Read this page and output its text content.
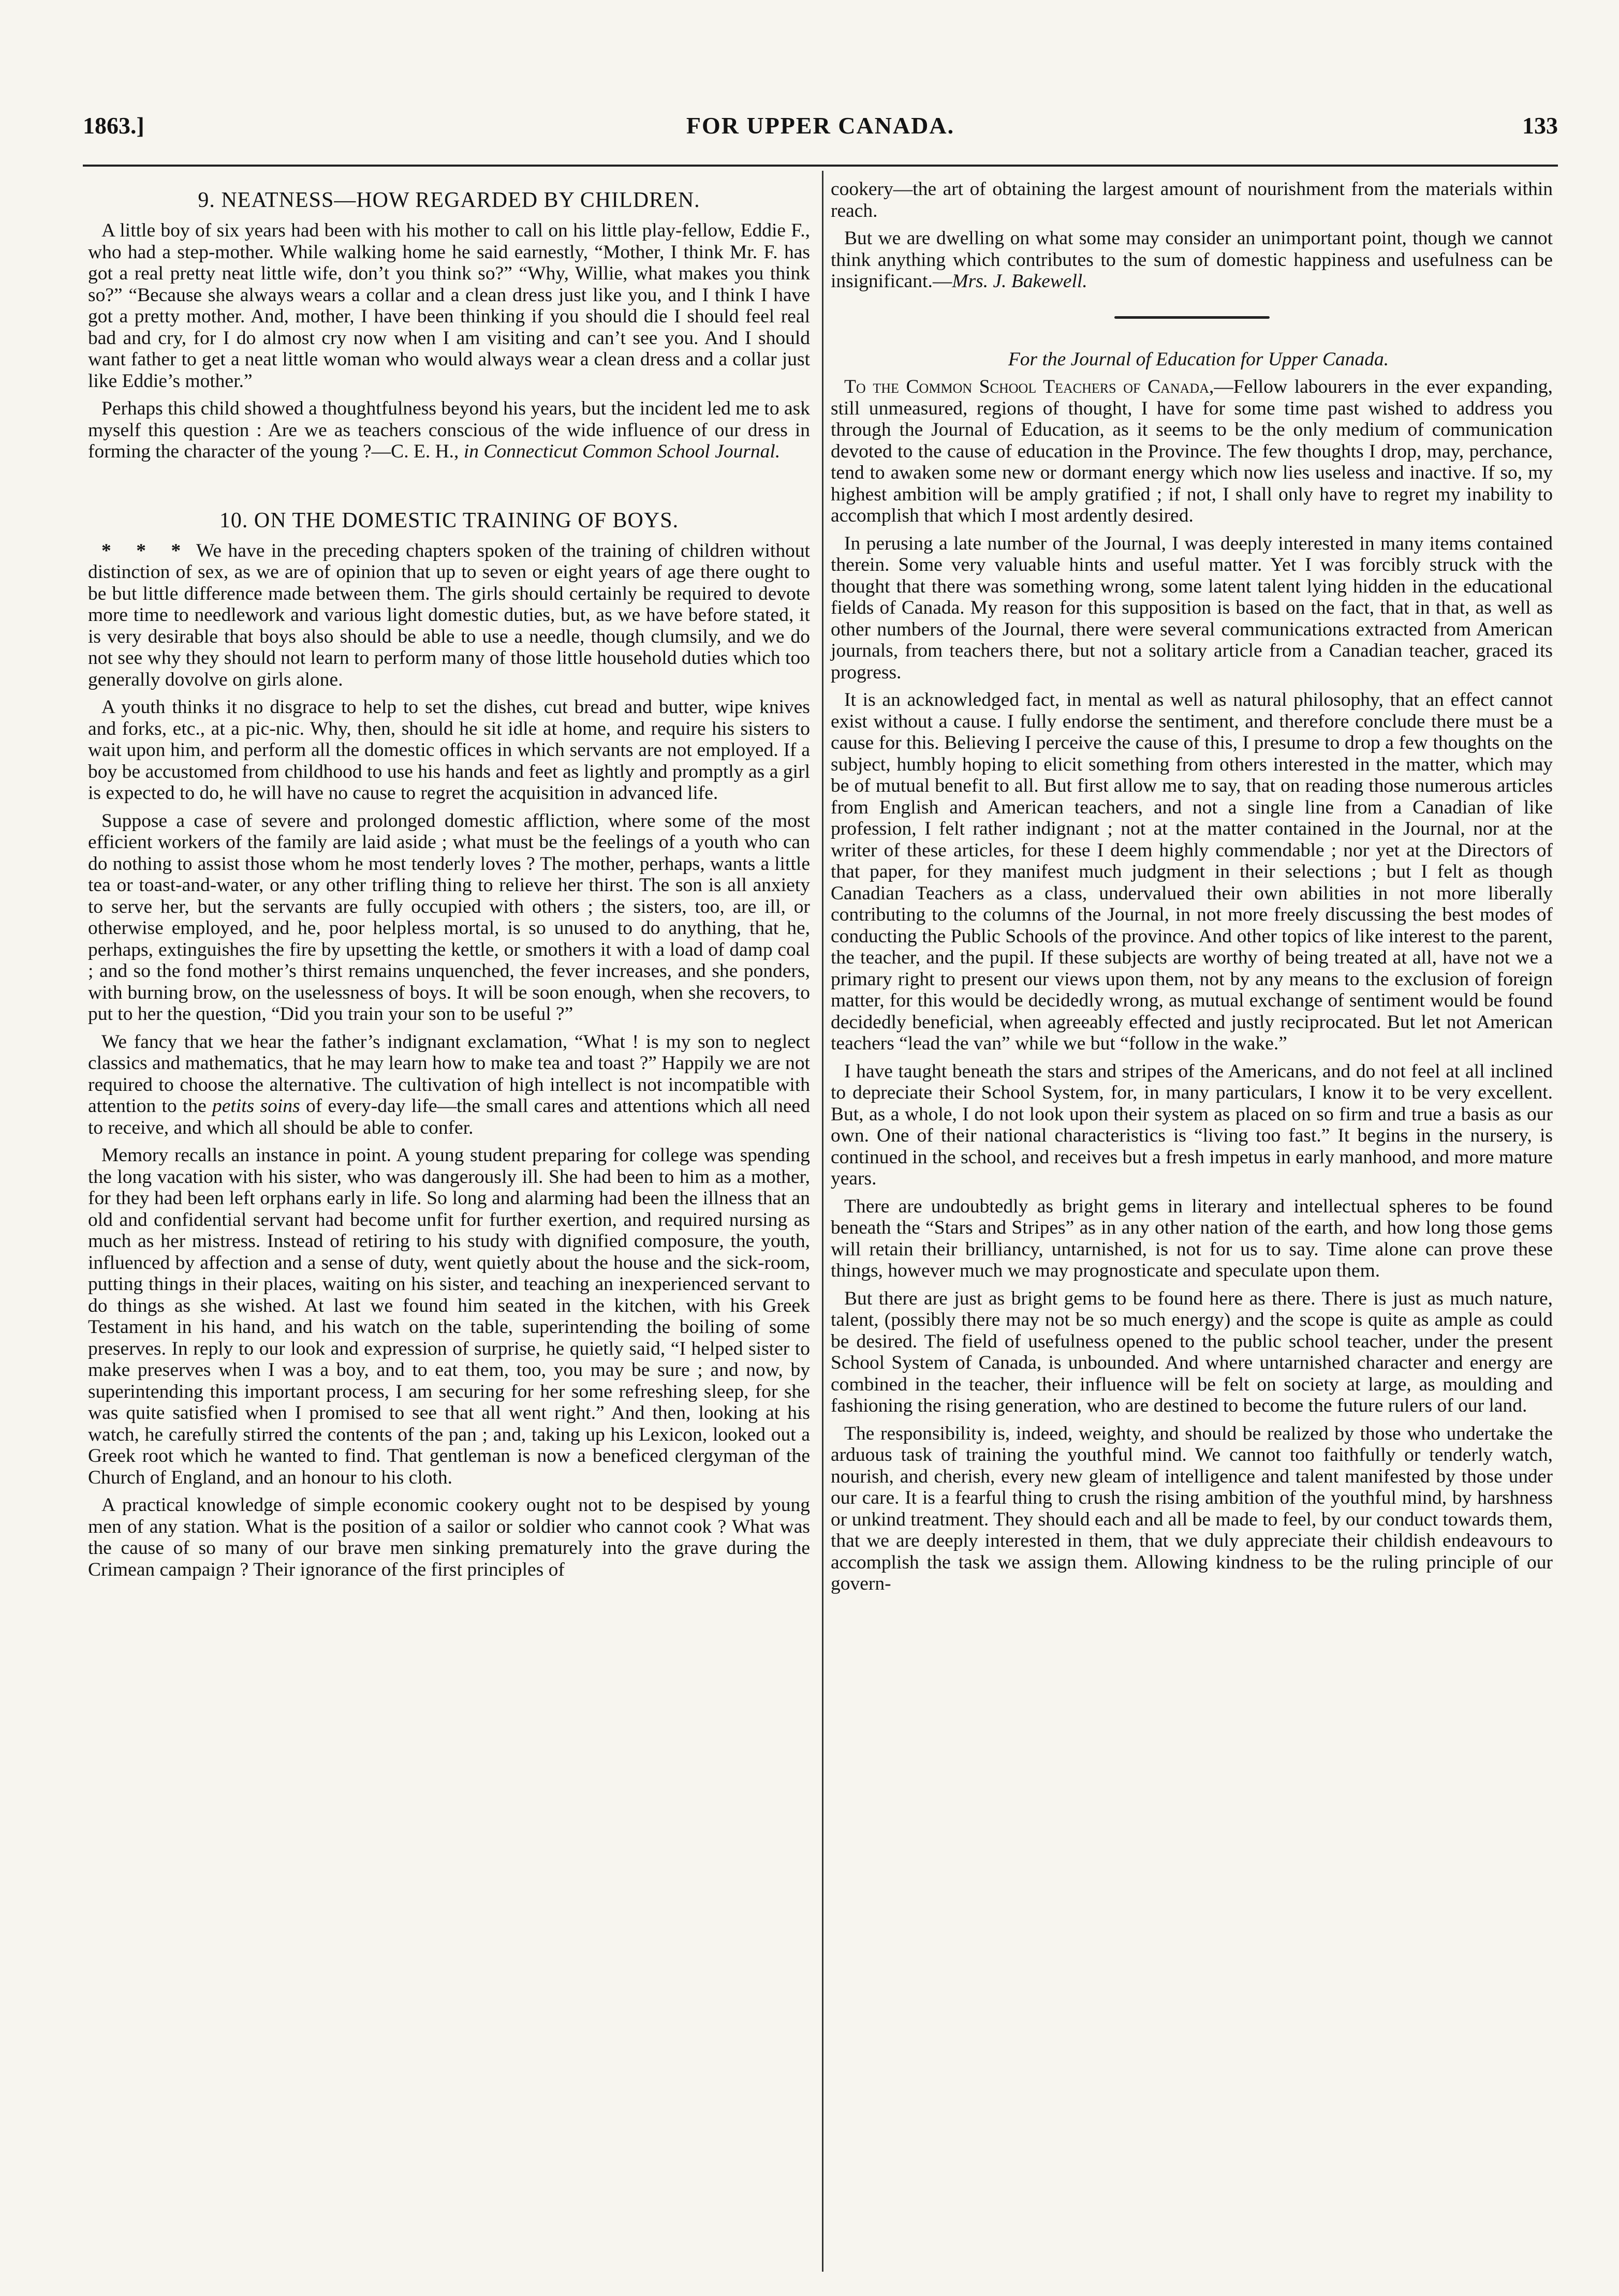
1863.]	FOR UPPER CANADA.	133
9. NEATNESS—HOW REGARDED BY CHILDREN.

A little boy of six years had been with his mother to call on his little play-fellow, Eddie F., who had a step-mother. While walking home he said earnestly, “Mother, I think Mr. F. has got a real pretty neat little wife, don’t you think so?” “Why, Willie, what makes you think so?” “Because she always wears a collar and a clean dress just like you, and I think I have got a pretty mother. And, mother, I have been thinking if you should die I should feel real bad and cry, for I do almost cry now when I am visiting and can’t see you. And I should want father to get a neat little woman who would always wear a clean dress and a collar just like Eddie’s mother.”

Perhaps this child showed a thoughtfulness beyond his years, but the incident led me to ask myself this question : Are we as teachers conscious of the wide influence of our dress in forming the character of the young ?—C. E. H., in Connecticut Common School Journal.

10. ON THE DOMESTIC TRAINING OF BOYS.

* * * We have in the preceding chapters spoken of the training of children without distinction of sex, as we are of opinion that up to seven or eight years of age there ought to be but little difference made between them. The girls should certainly be required to devote more time to needlework and various light domestic duties, but, as we have before stated, it is very desirable that boys also should be able to use a needle, though clumsily, and we do not see why they should not learn to perform many of those little household duties which too generally dovolve on girls alone.

A youth thinks it no disgrace to help to set the dishes, cut bread and butter, wipe knives and forks, etc., at a pic-nic. Why, then, should he sit idle at home, and require his sisters to wait upon him, and perform all the domestic offices in which servants are not employed. If a boy be accustomed from childhood to use his hands and feet as lightly and promptly as a girl is expected to do, he will have no cause to regret the acquisition in advanced life.

Suppose a case of severe and prolonged domestic affliction, where some of the most efficient workers of the family are laid aside ; what must be the feelings of a youth who can do nothing to assist those whom he most tenderly loves ? The mother, perhaps, wants a little tea or toast-and-water, or any other trifling thing to relieve her thirst. The son is all anxiety to serve her, but the servants are fully occupied with others ; the sisters, too, are ill, or otherwise employed, and he, poor helpless mortal, is so unused to do anything, that he, perhaps, extinguishes the fire by upsetting the kettle, or smothers it with a load of damp coal ; and so the fond mother’s thirst remains unquenched, the fever increases, and she ponders, with burning brow, on the uselessness of boys. It will be soon enough, when she recovers, to put to her the question, “Did you train your son to be useful ?”

We fancy that we hear the father’s indignant exclamation, “What ! is my son to neglect classics and mathematics, that he may learn how to make tea and toast ?” Happily we are not required to choose the alternative. The cultivation of high intellect is not incompatible with attention to the petits soins of every-day life—the small cares and attentions which all need to receive, and which all should be able to confer.

Memory recalls an instance in point. A young student preparing for college was spending the long vacation with his sister, who was dangerously ill. She had been to him as a mother, for they had been left orphans early in life. So long and alarming had been the illness that an old and confidential servant had become unfit for further exertion, and required nursing as much as her mistress. Instead of retiring to his study with dignified composure, the youth, influenced by affection and a sense of duty, went quietly about the house and the sick-room, putting things in their places, waiting on his sister, and teaching an inexperienced servant to do things as she wished. At last we found him seated in the kitchen, with his Greek Testament in his hand, and his watch on the table, superintending the boiling of some preserves. In reply to our look and expression of surprise, he quietly said, “I helped sister to make preserves when I was a boy, and to eat them, too, you may be sure ; and now, by superintending this important process, I am securing for her some refreshing sleep, for she was quite satisfied when I promised to see that all went right.” And then, looking at his watch, he carefully stirred the contents of the pan ; and, taking up his Lexicon, looked out a Greek root which he wanted to find. That gentleman is now a beneficed clergyman of the Church of England, and an honour to his cloth.

A practical knowledge of simple economic cookery ought not to be despised by young men of any station. What is the position of a sailor or soldier who cannot cook ? What was the cause of so many of our brave men sinking prematurely into the grave during the Crimean campaign ? Their ignorance of the first principles of

cookery—the art of obtaining the largest amount of nourishment from the materials within reach.

But we are dwelling on what some may consider an unimportant point, though we cannot think anything which contributes to the sum of domestic happiness and usefulness can be insignificant.—Mrs. J. Bakewell.

For the Journal of Education for Upper Canada.

To the Common School Teachers of Canada,—Fellow labourers in the ever expanding, still unmeasured, regions of thought, I have for some time past wished to address you through the Journal of Education, as it seems to be the only medium of communication devoted to the cause of education in the Province. The few thoughts I drop, may, perchance, tend to awaken some new or dormant energy which now lies useless and inactive. If so, my highest ambition will be amply gratified ; if not, I shall only have to regret my inability to accomplish that which I most ardently desired.

In perusing a late number of the Journal, I was deeply interested in many items contained therein. Some very valuable hints and useful matter. Yet I was forcibly struck with the thought that there was something wrong, some latent talent lying hidden in the educational fields of Canada. My reason for this supposition is based on the fact, that in that, as well as other numbers of the Journal, there were several communications extracted from American journals, from teachers there, but not a solitary article from a Canadian teacher, graced its progress.

It is an acknowledged fact, in mental as well as natural philosophy, that an effect cannot exist without a cause. I fully endorse the sentiment, and therefore conclude there must be a cause for this. Believing I perceive the cause of this, I presume to drop a few thoughts on the subject, humbly hoping to elicit something from others interested in the matter, which may be of mutual benefit to all. But first allow me to say, that on reading those numerous articles from English and American teachers, and not a single line from a Canadian of like profession, I felt rather indignant ; not at the matter contained in the Journal, nor at the writer of these articles, for these I deem highly commendable ; nor yet at the Directors of that paper, for they manifest much judgment in their selections ; but I felt as though Canadian Teachers as a class, undervalued their own abilities in not more liberally contributing to the columns of the Journal, in not more freely discussing the best modes of conducting the Public Schools of the province. And other topics of like interest to the parent, the teacher, and the pupil. If these subjects are worthy of being treated at all, have not we a primary right to present our views upon them, not by any means to the exclusion of foreign matter, for this would be decidedly wrong, as mutual exchange of sentiment would be found decidedly beneficial, when agreeably effected and justly reciprocated. But let not American teachers “lead the van” while we but “follow in the wake.”

I have taught beneath the stars and stripes of the Americans, and do not feel at all inclined to depreciate their School System, for, in many particulars, I know it to be very excellent. But, as a whole, I do not look upon their system as placed on so firm and true a basis as our own. One of their national characteristics is “living too fast.” It begins in the nursery, is continued in the school, and receives but a fresh impetus in early manhood, and more mature years.

There are undoubtedly as bright gems in literary and intellectual spheres to be found beneath the “Stars and Stripes” as in any other nation of the earth, and how long those gems will retain their brilliancy, untarnished, is not for us to say. Time alone can prove these things, however much we may prognosticate and speculate upon them.

But there are just as bright gems to be found here as there. There is just as much nature, talent, (possibly there may not be so much energy) and the scope is quite as ample as could be desired. The field of usefulness opened to the public school teacher, under the present School System of Canada, is unbounded. And where untarnished character and energy are combined in the teacher, their influence will be felt on society at large, as moulding and fashioning the rising generation, who are destined to become the future rulers of our land.

The responsibility is, indeed, weighty, and should be realized by those who undertake the arduous task of training the youthful mind. We cannot too faithfully or tenderly watch, nourish, and cherish, every new gleam of intelligence and talent manifested by those under our care. It is a fearful thing to crush the rising ambition of the youthful mind, by harshness or unkind treatment. They should each and all be made to feel, by our conduct towards them, that we are deeply interested in them, that we duly appreciate their childish endeavours to accomplish the task we assign them. Allowing kindness to be the ruling principle of our govern-
